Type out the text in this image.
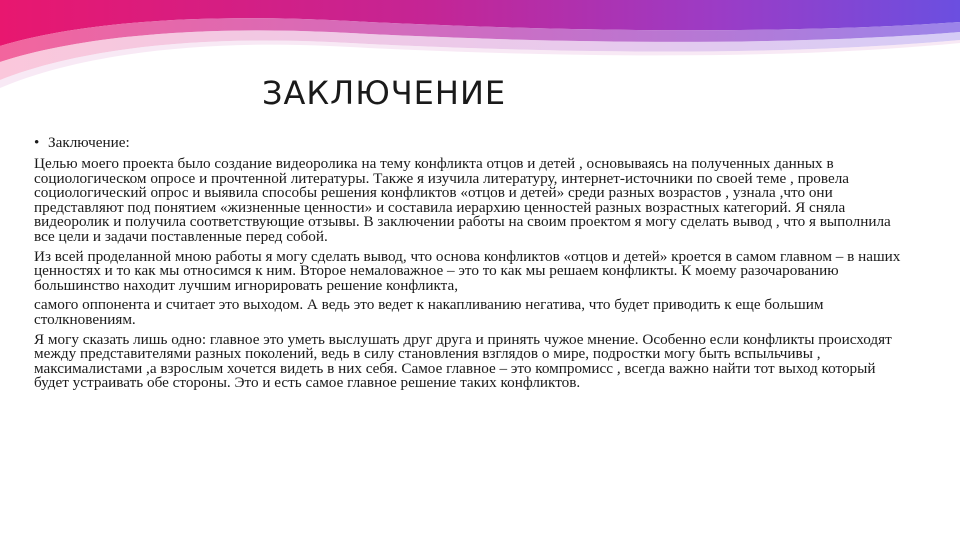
ЗАКЛЮЧЕНИЕ

• Заключение:

Целью моего проекта было создание видеоролика на тему конфликта отцов и детей , основываясь на полученных данных в социологическом опросе и прочтенной литературы. Также я изучила литературу, интернет-источники по своей теме , провела социологический опрос и выявила способы решения конфликтов «отцов и детей» среди разных возрастов , узнала ,что они представляют под понятием «жизненные ценности» и составила иерархию ценностей разных возрастных категорий. Я сняла видеоролик и получила соответствующие отзывы. В заключении работы на своим проектом я могу сделать вывод , что я выполнила все цели и задачи поставленные перед собой.

Из всей проделанной мною работы я могу сделать вывод, что основа конфликтов «отцов и детей» кроется в самом главном – в наших ценностях и то как мы относимся к ним. Второе немаловажное – это то как мы решаем конфликты. К моему разочарованию большинство находит лучшим игнорировать решение конфликта,

самого оппонента и считает это выходом. А ведь это ведет к накапливанию негатива, что будет приводить к еще большим столкновениям.

Я могу сказать лишь одно: главное это уметь выслушать друг друга и принять чужое мнение. Особенно если конфликты происходят между представителями разных поколений, ведь в силу становления взглядов о мире, подростки могу быть вспыльчивы , максималистами ,а взрослым хочется видеть в них себя. Самое главное – это компромисс , всегда важно найти тот выход который будет устраивать обе стороны. Это и есть самое главное решение таких конфликтов.
